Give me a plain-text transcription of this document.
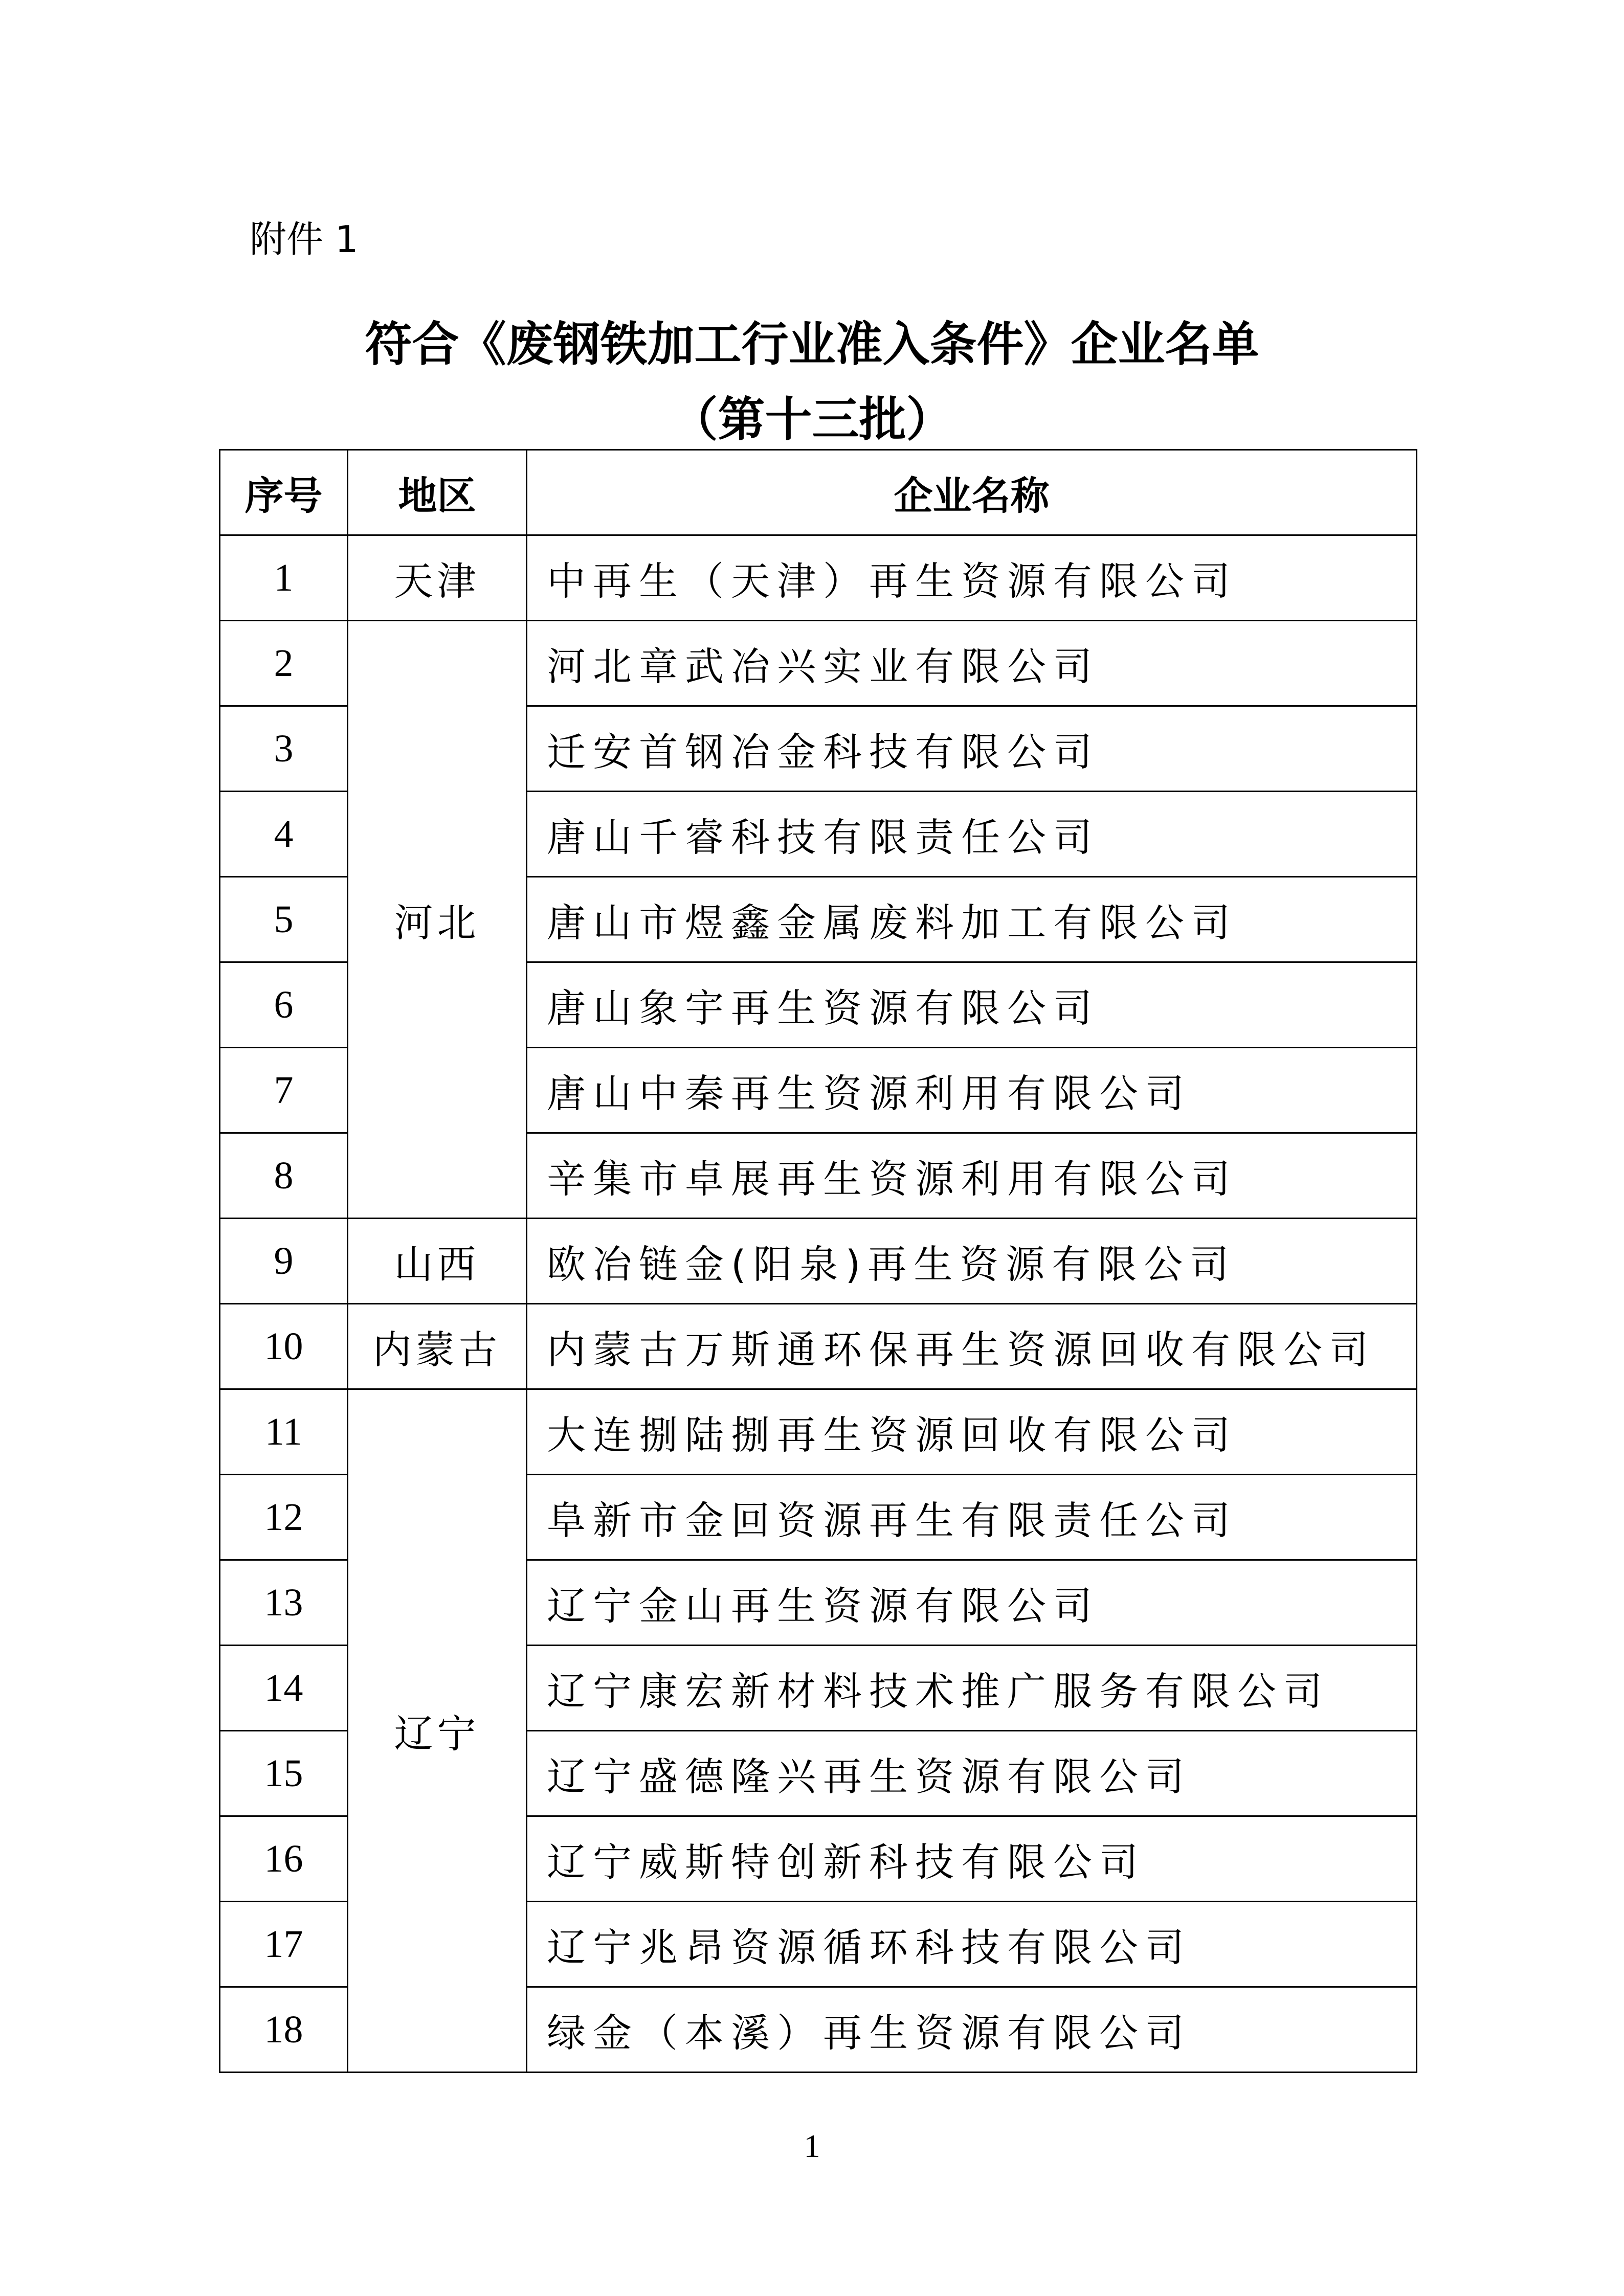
附件 1
符合《废钢铁加工行业准入条件》企业名单
（第十三批）
序号	地区	企业名称
1	天津	中再生（天津）再生资源有限公司
2	河北	河北章武冶兴实业有限公司
3		迁安首钢冶金科技有限公司
4		唐山千睿科技有限责任公司
5		唐山市煜鑫金属废料加工有限公司
6		唐山象宇再生资源有限公司
7		唐山中秦再生资源利用有限公司
8		辛集市卓展再生资源利用有限公司
9	山西	欧冶链金(阳泉)再生资源有限公司
10	内蒙古	内蒙古万斯通环保再生资源回收有限公司
11	辽宁	大连捌陆捌再生资源回收有限公司
12		阜新市金回资源再生有限责任公司
13		辽宁金山再生资源有限公司
14		辽宁康宏新材料技术推广服务有限公司
15		辽宁盛德隆兴再生资源有限公司
16		辽宁威斯特创新科技有限公司
17		辽宁兆昂资源循环科技有限公司
18		绿金（本溪）再生资源有限公司
1
